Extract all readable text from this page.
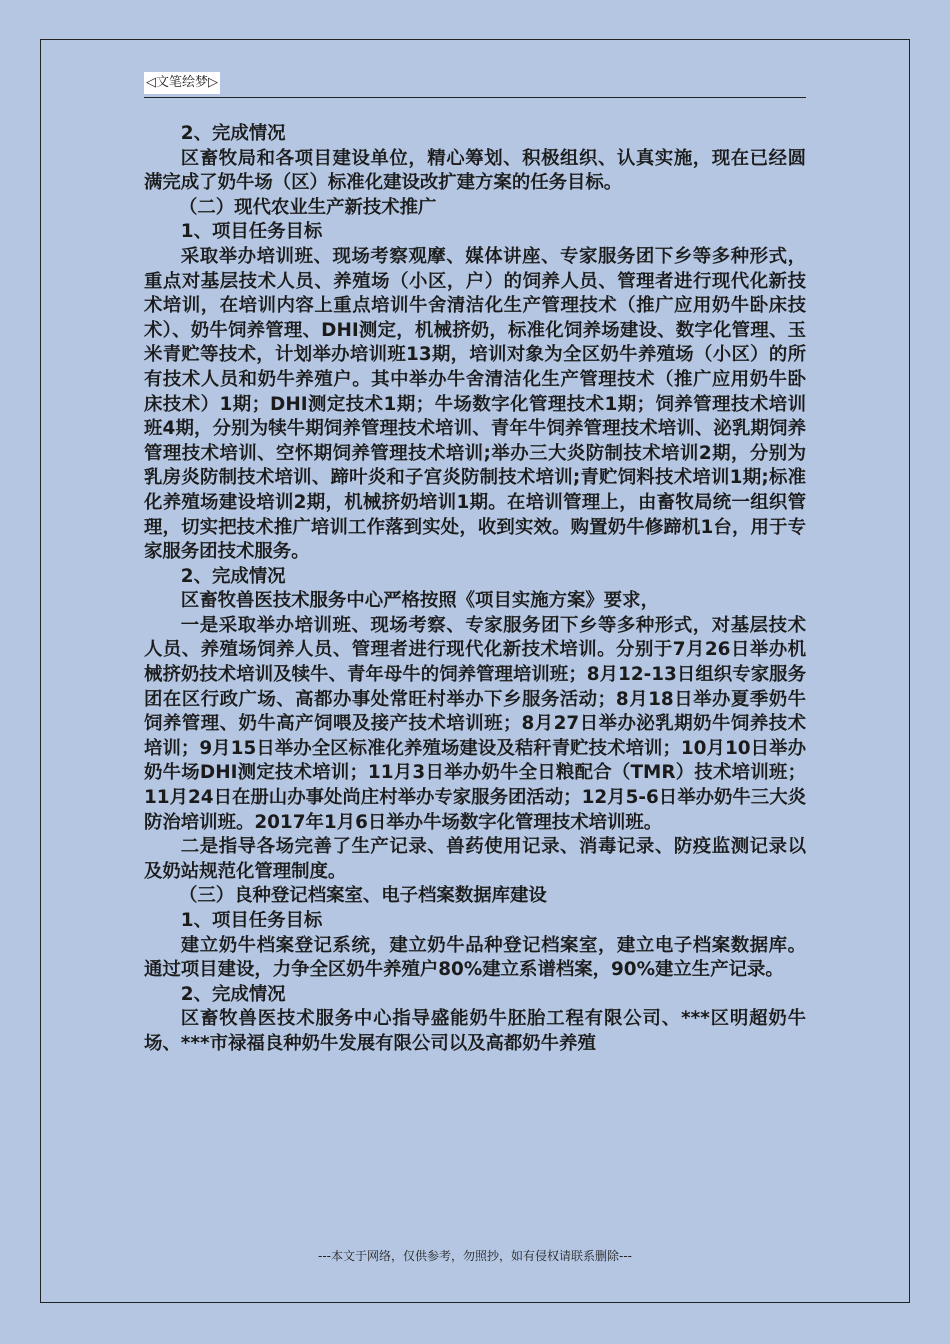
◁文笔绘梦▷

2、完成情况

区畜牧局和各项目建设单位，精心筹划、积极组织、认真实施，现在已经圆满完成了奶牛场（区）标准化建设改扩建方案的任务目标。

（二）现代农业生产新技术推广

1、项目任务目标

采取举办培训班、现场考察观摩、媒体讲座、专家服务团下乡等多种形式，重点对基层技术人员、养殖场（小区，户）的饲养人员、管理者进行现代化新技术培训，在培训内容上重点培训牛舍清洁化生产管理技术（推广应用奶牛卧床技术）、奶牛饲养管理、DHI测定，机械挤奶，标准化饲养场建设、数字化管理、玉米青贮等技术，计划举办培训班13期，培训对象为全区奶牛养殖场（小区）的所有技术人员和奶牛养殖户。其中举办牛舍清洁化生产管理技术（推广应用奶牛卧床技术）1期；DHI测定技术1期；牛场数字化管理技术1期；饲养管理技术培训班4期，分别为犊牛期饲养管理技术培训、青年牛饲养管理技术培训、泌乳期饲养管理技术培训、空怀期饲养管理技术培训;举办三大炎防制技术培训2期，分别为乳房炎防制技术培训、蹄叶炎和子宫炎防制技术培训;青贮饲料技术培训1期;标准化养殖场建设培训2期，机械挤奶培训1期。在培训管理上，由畜牧局统一组织管理，切实把技术推广培训工作落到实处，收到实效。购置奶牛修蹄机1台，用于专家服务团技术服务。

2、完成情况

区畜牧兽医技术服务中心严格按照《项目实施方案》要求，

一是采取举办培训班、现场考察、专家服务团下乡等多种形式，对基层技术人员、养殖场饲养人员、管理者进行现代化新技术培训。分别于7月26日举办机械挤奶技术培训及犊牛、青年母牛的饲养管理培训班；8月12-13日组织专家服务团在区行政广场、高都办事处常旺村举办下乡服务活动；8月18日举办夏季奶牛饲养管理、奶牛高产饲喂及接产技术培训班；8月27日举办泌乳期奶牛饲养技术培训；9月15日举办全区标准化养殖场建设及秸秆青贮技术培训；10月10日举办奶牛场DHI测定技术培训；11月3日举办奶牛全日粮配合（TMR）技术培训班；11月24日在册山办事处尚庄村举办专家服务团活动；12月5-6日举办奶牛三大炎防治培训班。2017年1月6日举办牛场数字化管理技术培训班。

二是指导各场完善了生产记录、兽药使用记录、消毒记录、防疫监测记录以及奶站规范化管理制度。

（三）良种登记档案室、电子档案数据库建设

1、项目任务目标

建立奶牛档案登记系统，建立奶牛品种登记档案室，建立电子档案数据库。通过项目建设，力争全区奶牛养殖户80%建立系谱档案，90%建立生产记录。

2、完成情况

区畜牧兽医技术服务中心指导盛能奶牛胚胎工程有限公司、***区明超奶牛场、***市禄福良种奶牛发展有限公司以及高都奶牛养殖

---本文于网络，仅供参考，勿照抄，如有侵权请联系删除---
